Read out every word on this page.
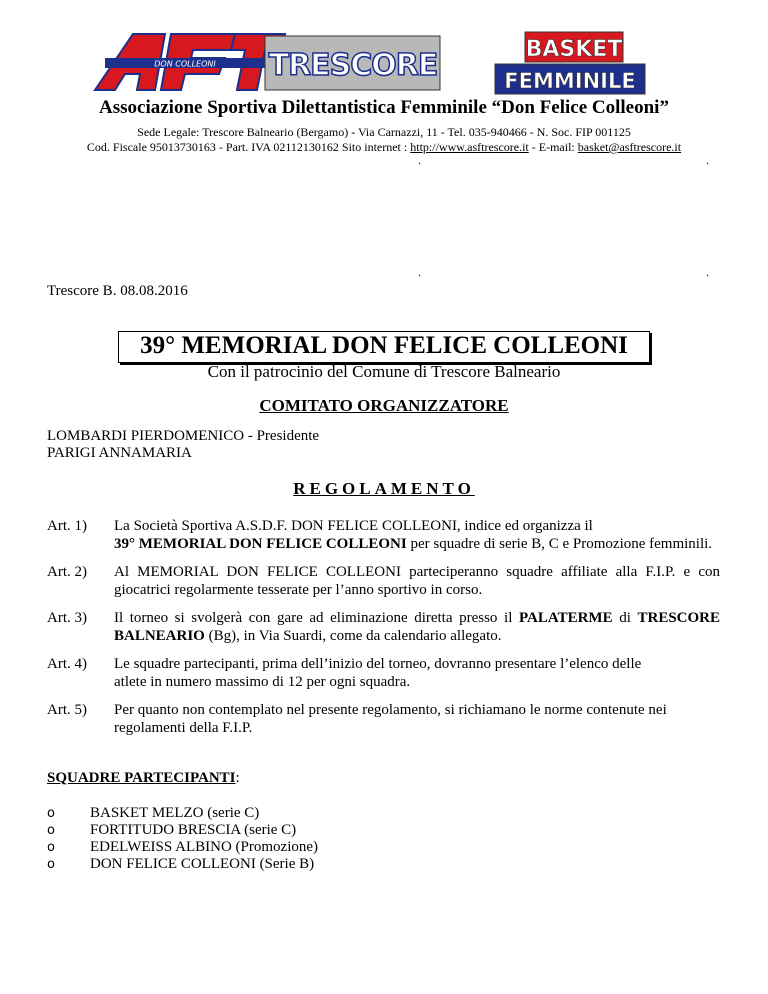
DON COLLEONI TRESCORE	BASKET
FEMMINILE
Associazione Sportiva Dilettantistica Femminile “Don Felice Colleoni”
Sede Legale: Trescore Balneario (Bergamo) - Via Carnazzi, 11 - Tel. 035-940466 - N. Soc. FIP 001125
Cod. Fiscale 95013730163 - Part. IVA 02112130162 Sito internet : http://www.asftrescore.it - E-mail: basket@asftrescore.it
.	.
.	.
Trescore B. 08.08.2016
39° MEMORIAL DON FELICE COLLEONI
Con il patrocinio del Comune di Trescore Balneario
COMITATO ORGANIZZATORE
LOMBARDI PIERDOMENICO - Presidente
PARIGI ANNAMARIA
REGOLAMENTO
Art. 1) La Società Sportiva A.S.D.F. DON FELICE COLLEONI, indice ed organizza il
39° MEMORIAL DON FELICE COLLEONI per squadre di serie B, C e Promozione femminili.
Art. 2) Al MEMORIAL DON FELICE COLLEONI parteciperanno squadre affiliate alla F.I.P. e con giocatrici regolarmente tesserate per l’anno sportivo in corso.
Art. 3) Il torneo si svolgerà con gare ad eliminazione diretta presso il PALATERME di TRESCORE BALNEARIO (Bg), in Via Suardi, come da calendario allegato.
Art. 4) Le squadre partecipanti, prima dell’inizio del torneo, dovranno presentare l’elenco delle atlete in numero massimo di 12 per ogni squadra.
Art. 5) Per quanto non contemplato nel presente regolamento, si richiamano le norme contenute nei regolamenti della F.I.P.
SQUADRE PARTECIPANTI:
o BASKET MELZO (serie C)
o FORTITUDO BRESCIA (serie C)
o EDELWEISS ALBINO (Promozione)
o DON FELICE COLLEONI (Serie B)
